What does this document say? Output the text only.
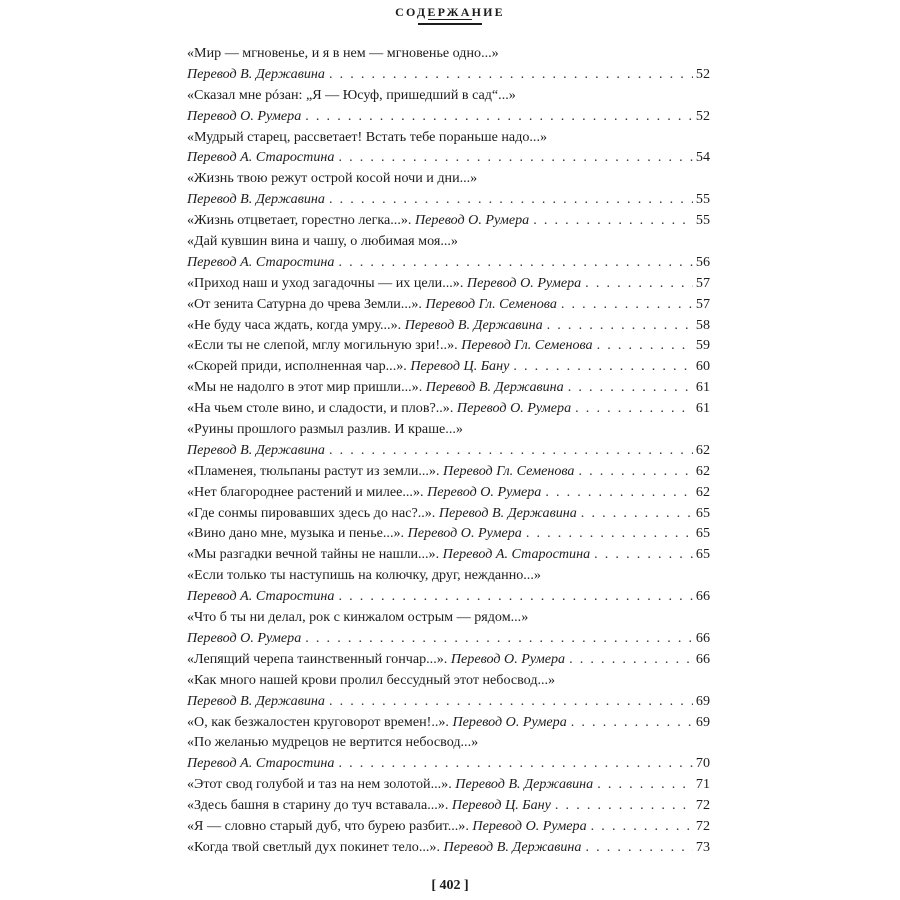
СОДЕРЖАНИЕ
«Мир — мгновенье, и я в нем — мгновенье одно...»
Перевод В. Державина . . .	52
«Сказал мне рóзан: „Я — Юсуф, пришедший в сад“...»
Перевод О. Румера . . .	52
«Мудрый старец, рассветает! Встать тебе пораньше надо...»
Перевод А. Старостина . . .	54
«Жизнь твою режут острой косой ночи и дни...»
Перевод В. Державина . . .	55
«Жизнь отцветает, горестно легка...». Перевод О. Румера . . .	55
«Дай кувшин вина и чашу, о любимая моя...»
Перевод А. Старостина . . .	56
«Приход наш и уход загадочны — их цели...». Перевод О. Румера . . .	57
«От зенита Сатурна до чрева Земли...». Перевод Гл. Семенова . . .	57
«Не буду часа ждать, когда умру...». Перевод В. Державина . . .	58
«Если ты не слепой, мглу могильную зри!..». Перевод Гл. Семенова . . .	59
«Скорей приди, исполненная чар...». Перевод Ц. Бану . . .	60
«Мы не надолго в этот мир пришли...». Перевод В. Державина . . .	61
«На чьем столе вино, и сладости, и плов?..». Перевод О. Румера . . .	61
«Руины прошлого размыл разлив. И краше...»
Перевод В. Державина . . .	62
«Пламенея, тюльпаны растут из земли...». Перевод Гл. Семенова . . .	62
«Нет благороднее растений и милее...». Перевод О. Румера . . .	62
«Где сонмы пировавших здесь до нас?..». Перевод В. Державина . . .	65
«Вино дано мне, музыка и пенье...». Перевод О. Румера . . .	65
«Мы разгадки вечной тайны не нашли...». Перевод А. Старостина . . .	65
«Если только ты наступишь на колючку, друг, нежданно...»
Перевод А. Старостина . . .	66
«Что б ты ни делал, рок с кинжалом острым — рядом...»
Перевод О. Румера . . .	66
«Лепящий черепа таинственный гончар...». Перевод О. Румера . . .	66
«Как много нашей крови пролил бессудный этот небосвод...»
Перевод В. Державина . . .	69
«О, как безжалостен круговорот времен!..». Перевод О. Румера . . .	69
«По желанью мудрецов не вертится небосвод...»
Перевод А. Старостина . . .	70
«Этот свод голубой и таз на нем золотой...». Перевод В. Державина . . .	71
«Здесь башня в старину до туч вставала...». Перевод Ц. Бану . . .	72
«Я — словно старый дуб, что бурею разбит...». Перевод О. Румера . . .	72
«Когда твой светлый дух покинет тело...». Перевод В. Державина . . .	73
[ 402 ]
